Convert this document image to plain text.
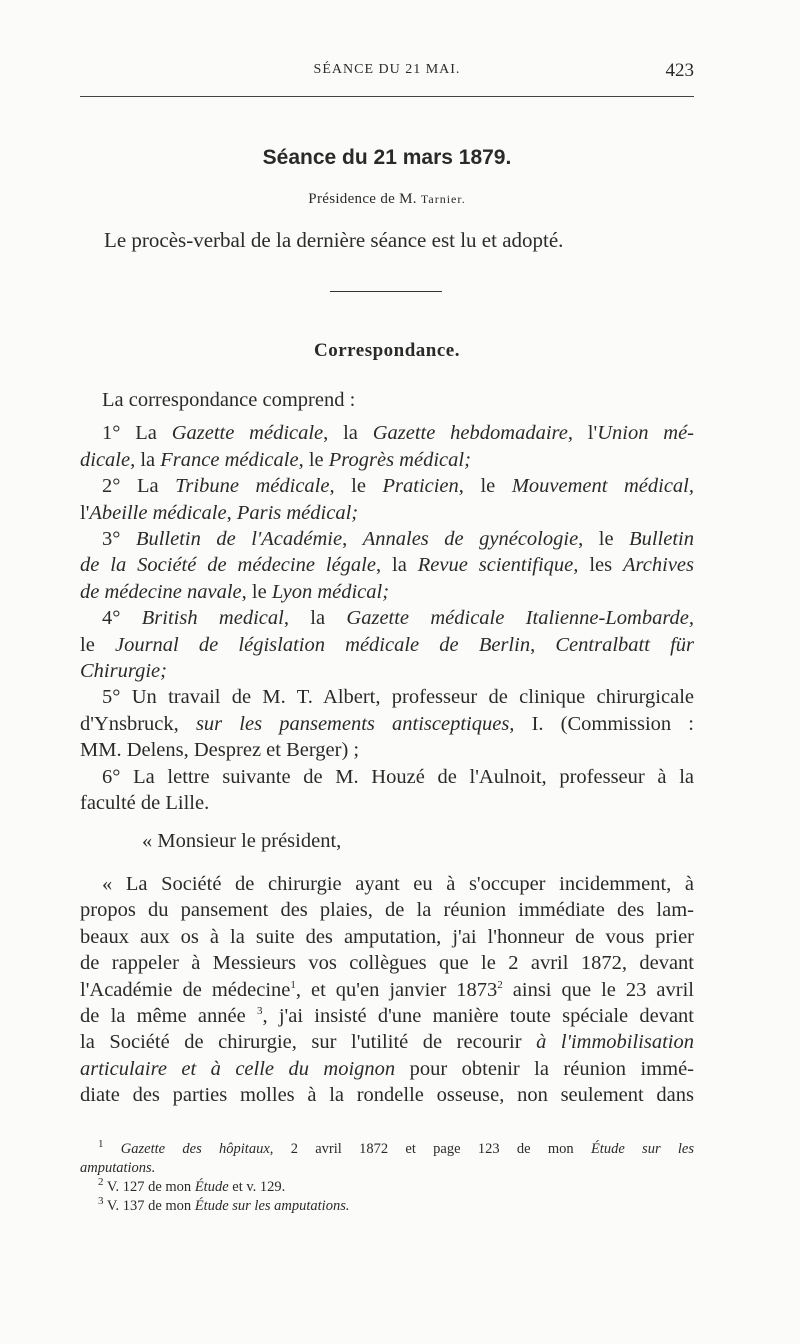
SÉANCE DU 21 MAI.	423
Séance du 21 mars 1879.
Présidence de M. Tarnier.
Le procès-verbal de la dernière séance est lu et adopté.
Correspondance.

La correspondance comprend :

1° La Gazette médicale, la Gazette hebdomadaire, l'Union mé-

dicale, la France médicale, le Progrès médical;

2° La Tribune médicale, le Praticien, le Mouvement médical,

l'Abeille médicale, Paris médical;

3° Bulletin de l'Académie, Annales de gynécologie, le Bulletin

de la Société de médecine légale, la Revue scientifique, les Archives

de médecine navale, le Lyon médical;

4° British medical, la Gazette médicale Italienne-Lombarde,

le Journal de législation médicale de Berlin, Centralbatt für

Chirurgie;

5° Un travail de M. T. Albert, professeur de clinique chirurgicale

d'Ynsbruck, sur les pansements antisceptiques, I. (Commission :

MM. Delens, Desprez et Berger) ;

6° La lettre suivante de M. Houzé de l'Aulnoit, professeur à la

faculté de Lille.

« Monsieur le président,

« La Société de chirurgie ayant eu à s'occuper incidemment, à

propos du pansement des plaies, de la réunion immédiate des lam-

beaux aux os à la suite des amputation, j'ai l'honneur de vous prier

de rappeler à Messieurs vos collègues que le 2 avril 1872, devant

l'Académie de médecine$^1$, et qu'en janvier 1873$^2$ ainsi que le 23 avril

de la même année $^3$, j'ai insisté d'une manière toute spéciale devant

la Société de chirurgie, sur l'utilité de recourir à l'immobilisation

articulaire et à celle du moignon pour obtenir la réunion immé-

diate des parties molles à la rondelle osseuse, non seulement dans

$^1$ Gazette des hôpitaux, 2 avril 1872 et page 123 de mon Étude sur les

amputations.

$^2$ V. 127 de mon Étude et v. 129.

$^3$ V. 137 de mon Étude sur les amputations.
